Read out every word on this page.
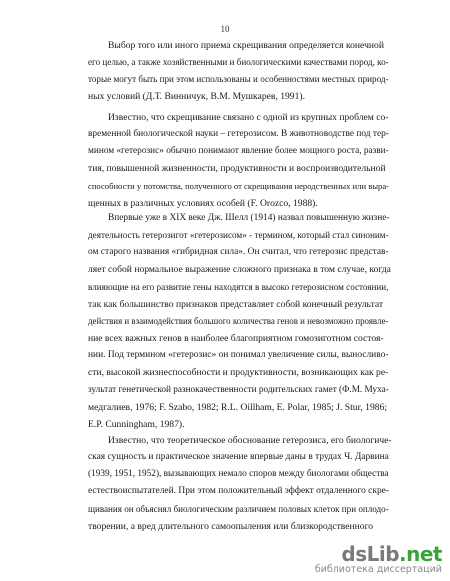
10
Выбор того или иного приема скрещивания определяется конечной
его целью, а также хозяйственными и биологическими качествами пород, ко-
торые могут быть при этом использованы и особенностями местных природ-
ных условий (Д.Т. Винничук, В.М. Мушкарев, 1991).
Известно, что скрещивание связано с одной из крупных проблем со-
временной биологической науки – гетерозисом. В животноводстве под тер-
мином «гетерозис» обычно понимают явление более мощного роста, разви-
тия, повышенной жизненности, продуктивности и воспроизводительной
способности у потомства, полученного от скрещивания неродственных или выра-
щенных в различных условиях особей (F. Orozco, 1988).
Впервые уже в XIX веке Дж. Шелл (1914) назвал повышенную жизне-
деятельность гетерозигот «гетерозисом» - термином, который стал синоним-
ом старого названия «гибридная сила». Он считал, что гетерозис представ-
ляет собой нормальное выражение сложного признака в том случае, когда
влияющие на его развитие гены находятся в высоко гетерозисном состоянии,
так как большинство признаков представляет собой конечный результат
действия и взаимодействия большого количества генов и невозможно проявле-
ние всех важных генов в наиболее благоприятном гомозиготном состоя-
нии. Под термином «гетерозис» он понимал увеличение силы, выносливо-
сти, высокой жизнеспособности и продуктивности, возникающих как ре-
зультат генетической разнокачественности родительских гамет (Ф.М. Муха-
медгалиев, 1976; F. Szabo, 1982; R.L. Oillham, E. Polar, 1985; J. Stur, 1986;
E.P. Cunningham, 1987).
Известно, что теоретическое обоснование гетерозиса, его биологиче-
ская сущность и практическое значение впервые даны в трудах Ч. Дарвина
(1939, 1951, 1952), вызывающих немало споров между биологами общества
естествоиспытателей. При этом положительный эффект отдаленного скре-
щивания он объяснял биологическим различием половых клеток при оплодо-
творении, а вред длительного самоопыления или близкородственного
dsLib .net
библиотека диссертаций
